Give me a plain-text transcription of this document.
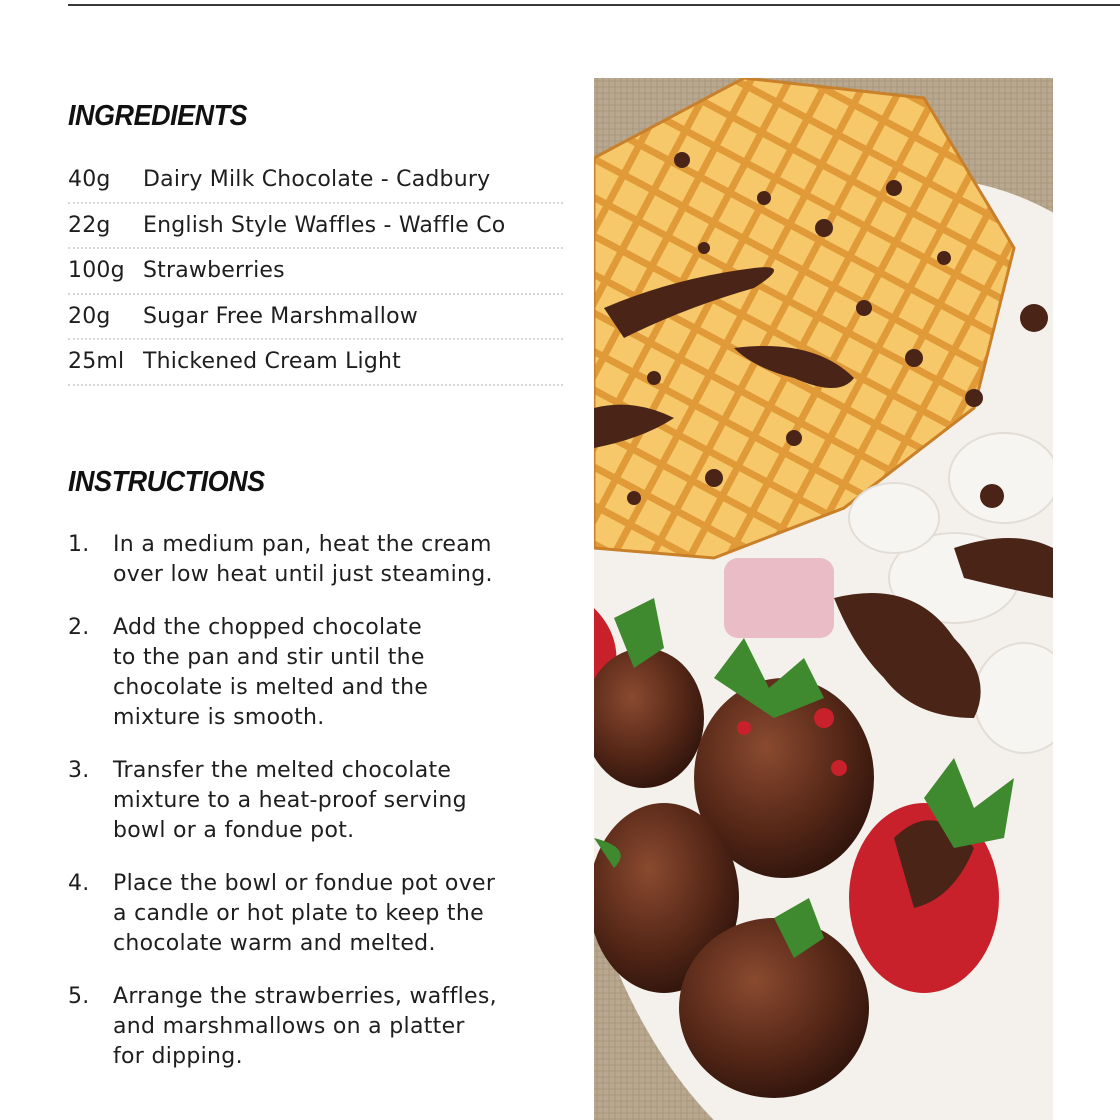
INGREDIENTS
40g	Dairy Milk Chocolate - Cadbury
22g	English Style Waffles - Waffle Co
100g Strawberries
20g	Sugar Free Marshmallow
25ml Thickened Cream Light
INSTRUCTIONS
1.	In a medium pan, heat the cream
over low heat until just steaming.
2.	Add the chopped chocolate
to the pan and stir until the
chocolate is melted and the
mixture is smooth.
3.	Transfer the melted chocolate
mixture to a heat-proof serving
bowl or a fondue pot.
4.	Place the bowl or fondue pot over
a candle or hot plate to keep the
chocolate warm and melted.
5.	Arrange the strawberries, waffles,
and marshmallows on a platter
for dipping.
